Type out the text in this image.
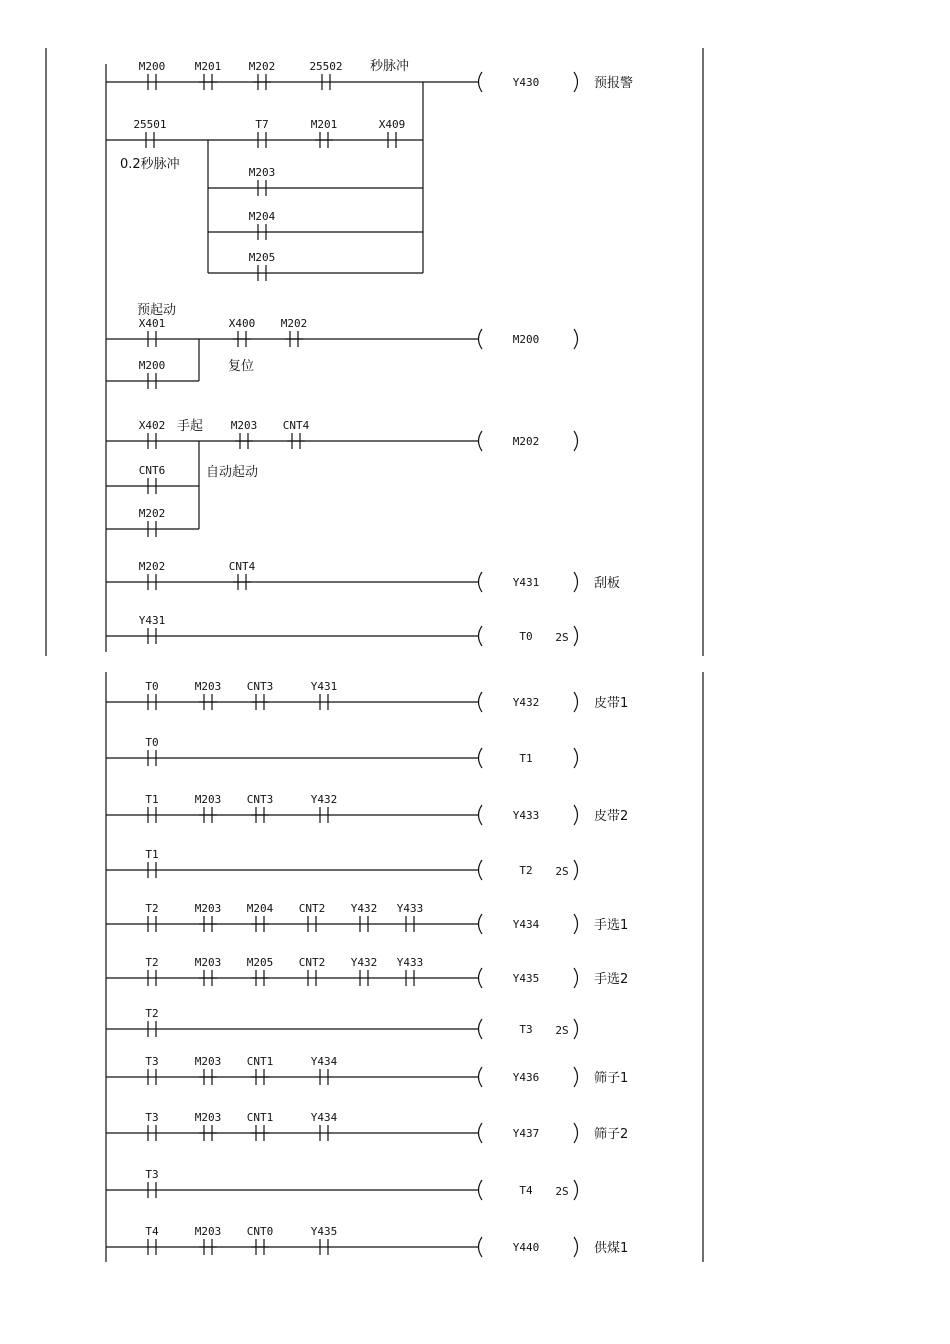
M200	M201	M202	25502 秒脉冲
Y430	预报警
25501	T7	M201	X409
0.2秒脉冲
M203
M204
M205
X401	X400 M202
预起动
复位
M200
M200
X402	M203 CNT4
手起
CNT6
M202
自动起动
M202
M202	CNT4
Y431	刮板
Y431
T0 2S
T0	M203 CNT3	Y431
Y432	皮带1
T0
T1
T1	M203 CNT3	Y432
Y433	皮带2
T1
T2 2S
T2	M203 M204 CNT2 Y432 Y433
Y434	手选1
T2	M203 M205 CNT2 Y432 Y433
Y435	手选2
T2
T3 2S
T3	M203 CNT1	Y434
Y436	筛子1
T3	M203 CNT1	Y434
Y437	筛子2
T3
T4 2S
T4	M203 CNT0	Y435
Y440	供煤1
